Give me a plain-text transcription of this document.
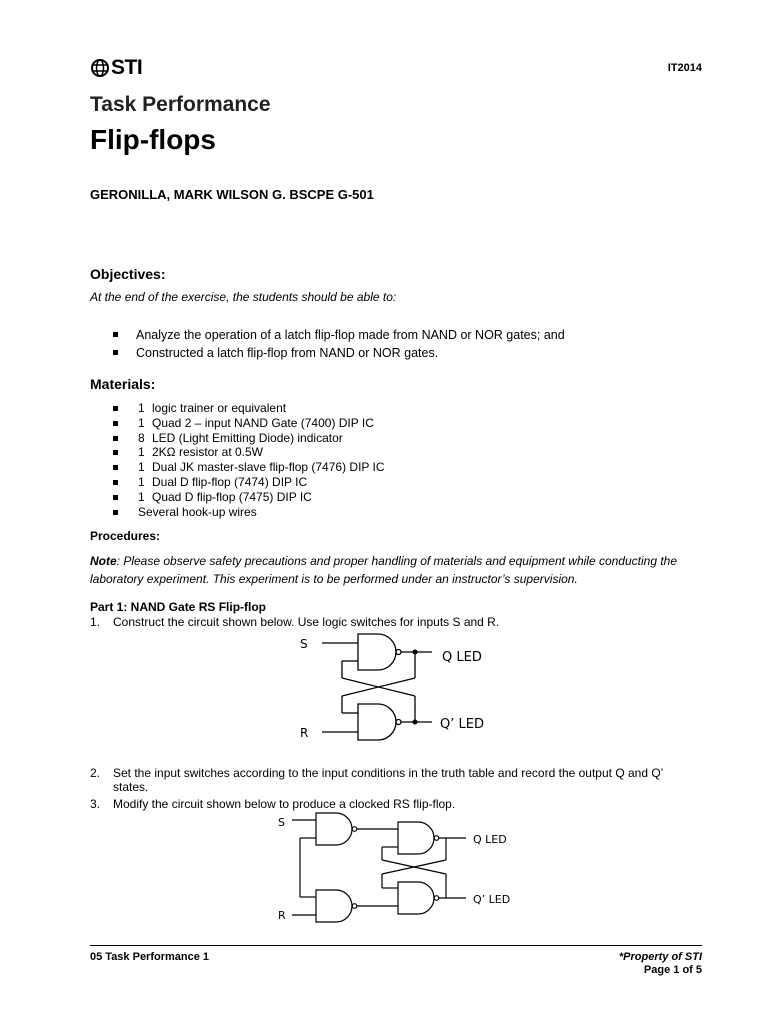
STI	IT2014
Task Performance
Flip-flops
GERONILLA, MARK WILSON G. BSCPE G-501
Objectives:
At the end of the exercise, the students should be able to:
Analyze the operation of a latch flip-flop made from NAND or NOR gates; and
Constructed a latch flip-flop from NAND or NOR gates.
Materials:
1 logic trainer or equivalent
1 Quad 2 – input NAND Gate (7400) DIP IC
8 LED (Light Emitting Diode) indicator
1 2KΩ resistor at 0.5W
1 Dual JK master-slave flip-flop (7476) DIP IC
1 Dual D flip-flop (7474) DIP IC
1 Quad D flip-flop (7475) DIP IC
Several hook-up wires
Procedures:
Note: Please observe safety precautions and proper handling of materials and equipment while conducting the laboratory experiment. This experiment is to be performed under an instructor’s supervision.
Part 1: NAND Gate RS Flip-flop
1. Construct the circuit shown below. Use logic switches for inputs S and R.
S
R
Q LED
Q’ LED
2. Set the input switches according to the input conditions in the truth table and record the output Q and Q’
states.
3. Modify the circuit shown below to produce a clocked RS flip-flop.
S
R
Q LED
Q’ LED
05 Task Performance 1	*Property of STI
Page 1 of 5
